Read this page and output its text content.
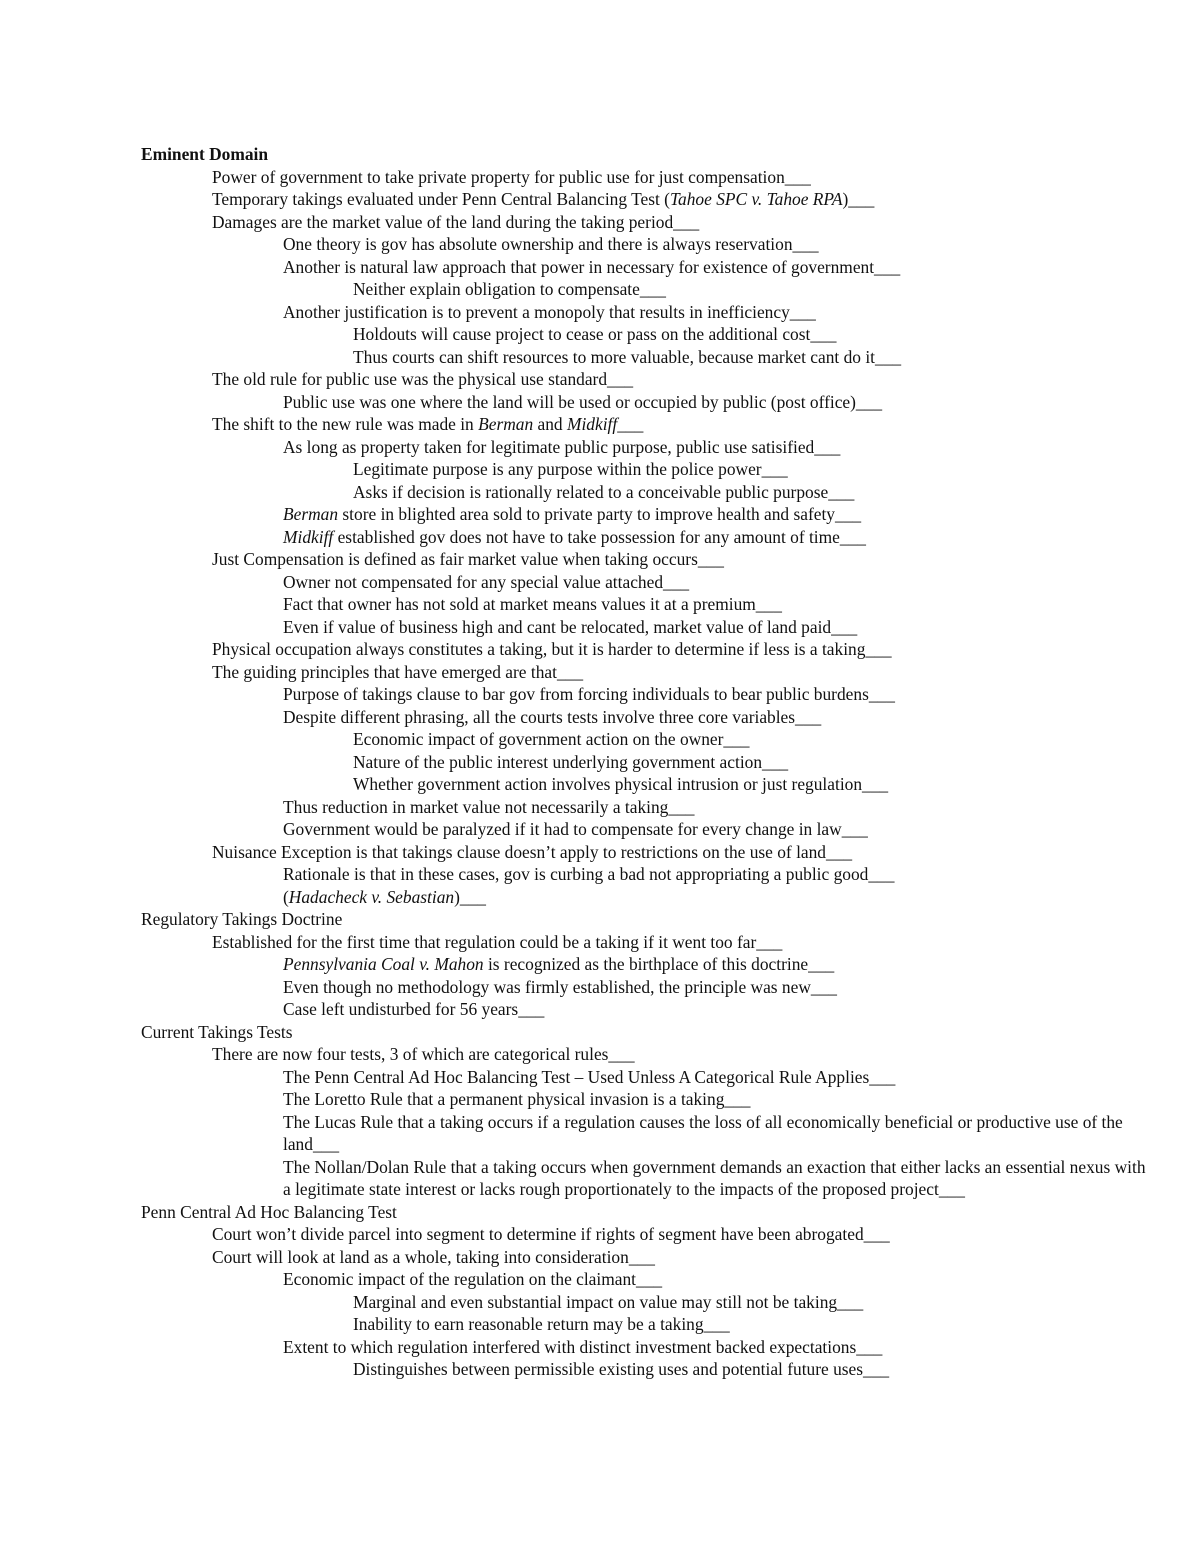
Eminent Domain
Power of government to take private property for public use for just compensation___
Temporary takings evaluated under Penn Central Balancing Test (Tahoe SPC v. Tahoe RPA)___
Damages are the market value of the land during the taking period___
One theory is gov has absolute ownership and there is always reservation___
Another is natural law approach that power in necessary for existence of government___
Neither explain obligation to compensate___
Another justification is to prevent a monopoly that results in inefficiency___
Holdouts will cause project to cease or pass on the additional cost___
Thus courts can shift resources to more valuable, because market cant do it___
The old rule for public use was the physical use standard___
Public use was one where the land will be used or occupied by public (post office)___
The shift to the new rule was made in Berman and Midkiff___
As long as property taken for legitimate public purpose, public use satisified___
Legitimate purpose is any purpose within the police power___
Asks if decision is rationally related to a conceivable public purpose___
Berman store in blighted area sold to private party to improve health and safety___
Midkiff established gov does not have to take possession for any amount of time___
Just Compensation is defined as fair market value when taking occurs___
Owner not compensated for any special value attached___
Fact that owner has not sold at market means values it at a premium___
Even if value of business high and cant be relocated, market value of land paid___
Physical occupation always constitutes a taking, but it is harder to determine if less is a taking___
The guiding principles that have emerged are that___
Purpose of takings clause to bar gov from forcing individuals to bear public burdens___
Despite different phrasing, all the courts tests involve three core variables___
Economic impact of government action on the owner___
Nature of the public interest underlying government action___
Whether government action involves physical intrusion or just regulation___
Thus reduction in market value not necessarily a taking___
Government would be paralyzed if it had to compensate for every change in law___
Nuisance Exception is that takings clause doesn’t apply to restrictions on the use of land___
Rationale is that in these cases, gov is curbing a bad not appropriating a public good___
(Hadacheck v. Sebastian)___
Regulatory Takings Doctrine
Established for the first time that regulation could be a taking if it went too far___
Pennsylvania Coal v. Mahon is recognized as the birthplace of this doctrine___
Even though no methodology was firmly established, the principle was new___
Case left undisturbed for 56 years___
Current Takings Tests
There are now four tests, 3 of which are categorical rules___
The Penn Central Ad Hoc Balancing Test – Used Unless A Categorical Rule Applies___
The Loretto Rule that a permanent physical invasion is a taking___
The Lucas Rule that a taking occurs if a regulation causes the loss of all economically beneficial or productive use of the land___
The Nollan/Dolan Rule that a taking occurs when government demands an exaction that either lacks an essential nexus with a legitimate state interest or lacks rough proportionately to the impacts of the proposed project___
Penn Central Ad Hoc Balancing Test
Court won’t divide parcel into segment to determine if rights of segment have been abrogated___
Court will look at land as a whole, taking into consideration___
Economic impact of the regulation on the claimant___
Marginal and even substantial impact on value may still not be taking___
Inability to earn reasonable return may be a taking___
Extent to which regulation interfered with distinct investment backed expectations___
Distinguishes between permissible existing uses and potential future uses___
